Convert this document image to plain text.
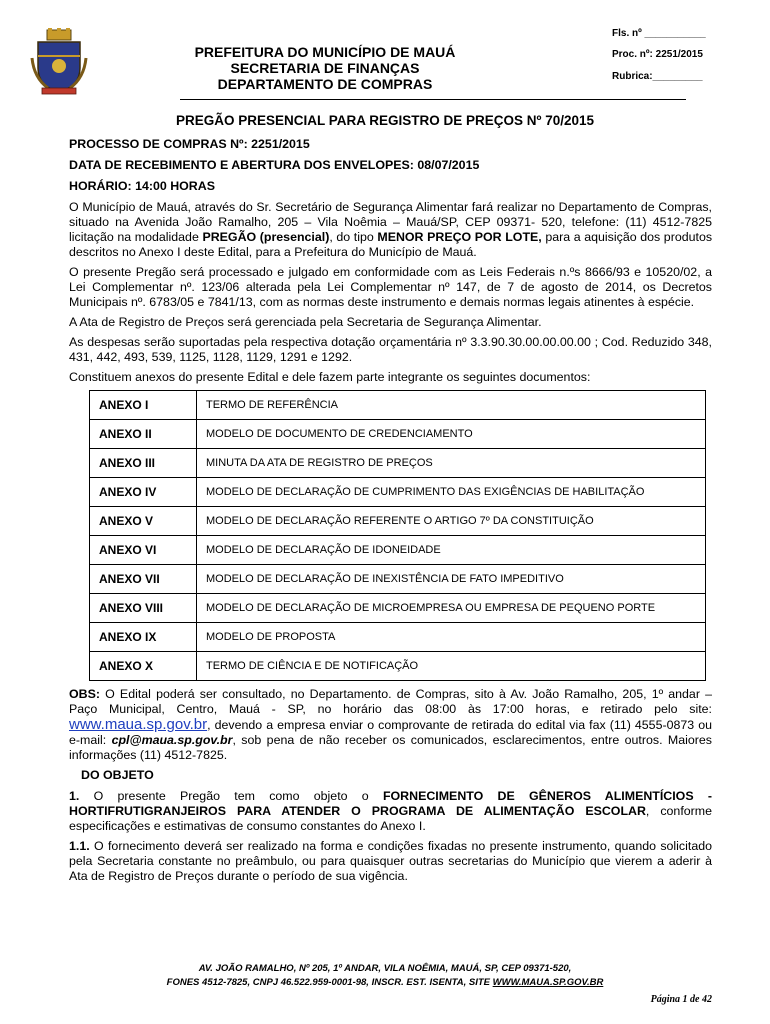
PREFEITURA DO MUNICÍPIO DE MAUÁ
SECRETARIA DE FINANÇAS
DEPARTAMENTO DE COMPRAS
Fls. nº ___________
Proc. nº: 2251/2015
Rubrica:_________
PREGÃO PRESENCIAL PARA REGISTRO DE PREÇOS Nº 70/2015

PROCESSO DE COMPRAS Nº: 2251/2015

DATA DE RECEBIMENTO E ABERTURA DOS ENVELOPES: 08/07/2015

HORÁRIO: 14:00 HORAS

O Município de Mauá, através do Sr. Secretário de Segurança Alimentar fará realizar no Departamento de Compras, situado na Avenida João Ramalho, 205 – Vila Noêmia – Mauá/SP, CEP 09371- 520, telefone: (11) 4512-7825 licitação na modalidade PREGÃO (presencial), do tipo MENOR PREÇO POR LOTE, para a aquisição dos produtos descritos no Anexo I deste Edital, para a Prefeitura do Município de Mauá.

O presente Pregão será processado e julgado em conformidade com as Leis Federais n.ºs 8666/93 e 10520/02, a Lei Complementar nº. 123/06 alterada pela Lei Complementar nº 147, de 7 de agosto de 2014, os Decretos Municipais nº. 6783/05 e 7841/13, com as normas deste instrumento e demais normas legais atinentes à espécie.

A Ata de Registro de Preços será gerenciada pela Secretaria de Segurança Alimentar.

As despesas serão suportadas pela respectiva dotação orçamentária nº 3.3.90.30.00.00.00.00 ; Cod. Reduzido 348, 431, 442, 493, 539, 1125, 1128, 1129, 1291 e 1292.

Constituem anexos do presente Edital e dele fazem parte integrante os seguintes documentos:

ANEXO I	TERMO DE REFERÊNCIA
ANEXO II	MODELO DE DOCUMENTO DE CREDENCIAMENTO
ANEXO III	MINUTA DA ATA DE REGISTRO DE PREÇOS
ANEXO IV	MODELO DE DECLARAÇÃO DE CUMPRIMENTO DAS EXIGÊNCIAS DE HABILITAÇÃO
ANEXO V	MODELO DE DECLARAÇÃO REFERENTE O ARTIGO 7º DA CONSTITUIÇÃO
ANEXO VI	MODELO DE DECLARAÇÃO DE IDONEIDADE
ANEXO VII	MODELO DE DECLARAÇÃO DE INEXISTÊNCIA DE FATO IMPEDITIVO
ANEXO VIII	MODELO DE DECLARAÇÃO DE MICROEMPRESA OU EMPRESA DE PEQUENO PORTE
ANEXO IX	MODELO DE PROPOSTA
ANEXO X	TERMO DE CIÊNCIA E DE NOTIFICAÇÃO

OBS: O Edital poderá ser consultado, no Departamento. de Compras, sito à Av. João Ramalho, 205, 1º andar – Paço Municipal, Centro, Mauá - SP, no horário das 08:00 às 17:00 horas, e retirado pelo site: www.maua.sp.gov.br, devendo a empresa enviar o comprovante de retirada do edital via fax (11) 4555-0873 ou e-mail: cpl@maua.sp.gov.br, sob pena de não receber os comunicados, esclarecimentos, entre outros. Maiores informações (11) 4512-7825.

DO OBJETO

1. O presente Pregão tem como objeto o FORNECIMENTO DE GÊNEROS ALIMENTÍCIOS - HORTIFRUTIGRANJEIROS PARA ATENDER O PROGRAMA DE ALIMENTAÇÃO ESCOLAR, conforme especificações e estimativas de consumo constantes do Anexo I.

1.1. O fornecimento deverá ser realizado na forma e condições fixadas no presente instrumento, quando solicitado pela Secretaria constante no preâmbulo, ou para quaisquer outras secretarias do Município que vierem a aderir à Ata de Registro de Preços durante o período de sua vigência.

AV. JOÃO RAMALHO, Nº 205, 1º ANDAR, VILA NOÊMIA, MAUÁ, SP, CEP 09371-520,
FONES 4512-7825, CNPJ 46.522.959-0001-98, INSCR. EST. ISENTA, SITE WWW.MAUA.SP.GOV.BR
Página 1 de 42
